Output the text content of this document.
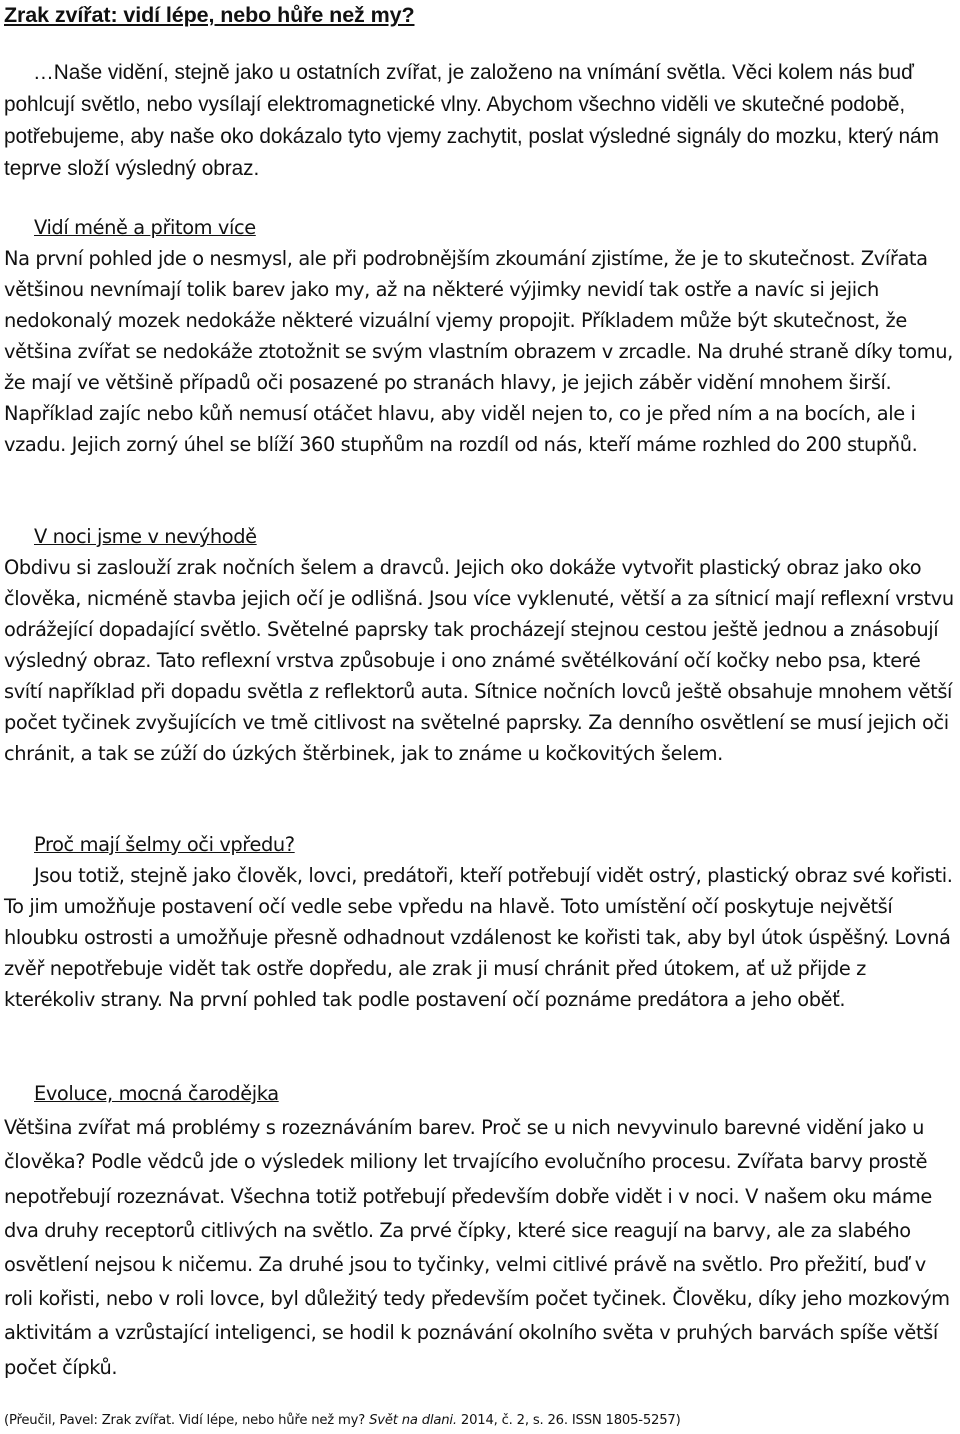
Zrak zvířat: vidí lépe, nebo hůře než my?

…Naše vidění, stejně jako u ostatních zvířat, je založeno na vnímání světla. Věci kolem nás buď pohlcují světlo, nebo vysílají elektromagnetické vlny. Abychom všechno viděli ve skutečné podobě, potřebujeme, aby naše oko dokázalo tyto vjemy zachytit, poslat výsledné signály do mozku, který nám teprve složí výsledný obraz.

Vidí méně a přitom více
Na první pohled jde o nesmysl, ale při podrobnějším zkoumání zjistíme, že je to skutečnost. Zvířata většinou nevnímají tolik barev jako my, až na některé výjimky nevidí tak ostře a navíc si jejich nedokonalý mozek nedokáže některé vizuální vjemy propojit. Příkladem může být skutečnost, že většina zvířat se nedokáže ztotožnit se svým vlastním obrazem v zrcadle. Na druhé straně díky tomu, že mají ve většině případů oči posazené po stranách hlavy, je jejich záběr vidění mnohem širší. Například zajíc nebo kůň nemusí otáčet hlavu, aby viděl nejen to, co je před ním a na bocích, ale i vzadu. Jejich zorný úhel se blíží 360 stupňům na rozdíl od nás, kteří máme rozhled do 200 stupňů.
V noci jsme v nevýhodě
Obdivu si zaslouží zrak nočních šelem a dravců. Jejich oko dokáže vytvořit plastický obraz jako oko člověka, nicméně stavba jejich očí je odlišná. Jsou více vyklenuté, větší a za sítnicí mají reflexní vrstvu odrážející dopadající světlo. Světelné paprsky tak procházejí stejnou cestou ještě jednou a znásobují výsledný obraz. Tato reflexní vrstva způsobuje i ono známé světélkování očí kočky nebo psa, které svítí například při dopadu světla z reflektorů auta. Sítnice nočních lovců ještě obsahuje mnohem větší počet tyčinek zvyšujících ve tmě citlivost na světelné paprsky. Za denního osvětlení se musí jejich oči chránit, a tak se zúží do úzkých štěrbinek, jak to známe u kočkovitých šelem.
Proč mají šelmy oči vpředu?
Jsou totiž, stejně jako člověk, lovci, predátoři, kteří potřebují vidět ostrý, plastický obraz své kořisti. To jim umožňuje postavení očí vedle sebe vpředu na hlavě. Toto umístění očí poskytuje největší hloubku ostrosti a umožňuje přesně odhadnout vzdálenost ke kořisti tak, aby byl útok úspěšný. Lovná zvěř nepotřebuje vidět tak ostře dopředu, ale zrak ji musí chránit před útokem, ať už přijde z kterékoliv strany. Na první pohled tak podle postavení očí poznáme predátora a jeho oběť.
Evoluce, mocná čarodějka
Většina zvířat má problémy s rozeznáváním barev. Proč se u nich nevyvinulo barevné vidění jako u člověka? Podle vědců jde o výsledek miliony let trvajícího evolučního procesu. Zvířata barvy prostě nepotřebují rozeznávat. Všechna totiž potřebují především dobře vidět i v noci. V našem oku máme dva druhy receptorů citlivých na světlo. Za prvé čípky, které sice reagují na barvy, ale za slabého osvětlení nejsou k ničemu. Za druhé jsou to tyčinky, velmi citlivé právě na světlo. Pro přežití, buď v roli kořisti, nebo v roli lovce, byl důležitý tedy především počet tyčinek. Člověku, díky jeho mozkovým aktivitám a vzrůstající inteligenci, se hodil k poznávání okolního světa v pruhých barvách spíše větší počet čípků.

(Přeučil, Pavel: Zrak zvířat. Vidí lépe, nebo hůře než my? Svět na dlani. 2014, č. 2, s. 26. ISSN 1805-5257)
